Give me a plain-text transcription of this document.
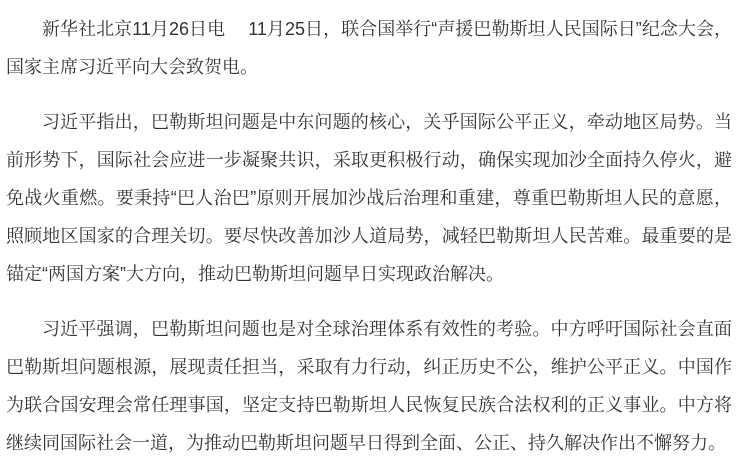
新华社北京11月26日电　 11月25日，联合国举行“声援巴勒斯坦人民国际日”纪念大会，国家主席习近平向大会致贺电。

习近平指出，巴勒斯坦问题是中东问题的核心，关乎国际公平正义，牵动地区局势。当前形势下，国际社会应进一步凝聚共识，采取更积极行动，确保实现加沙全面持久停火，避免战火重燃。要秉持“巴人治巴”原则开展加沙战后治理和重建，尊重巴勒斯坦人民的意愿，照顾地区国家的合理关切。要尽快改善加沙人道局势，减轻巴勒斯坦人民苦难。最重要的是锚定“两国方案”大方向，推动巴勒斯坦问题早日实现政治解决。

习近平强调，巴勒斯坦问题也是对全球治理体系有效性的考验。中方呼吁国际社会直面巴勒斯坦问题根源，展现责任担当，采取有力行动，纠正历史不公，维护公平正义。中国作为联合国安理会常任理事国，坚定支持巴勒斯坦人民恢复民族合法权利的正义事业。中方将继续同国际社会一道，为推动巴勒斯坦问题早日得到全面、公正、持久解决作出不懈努力。
